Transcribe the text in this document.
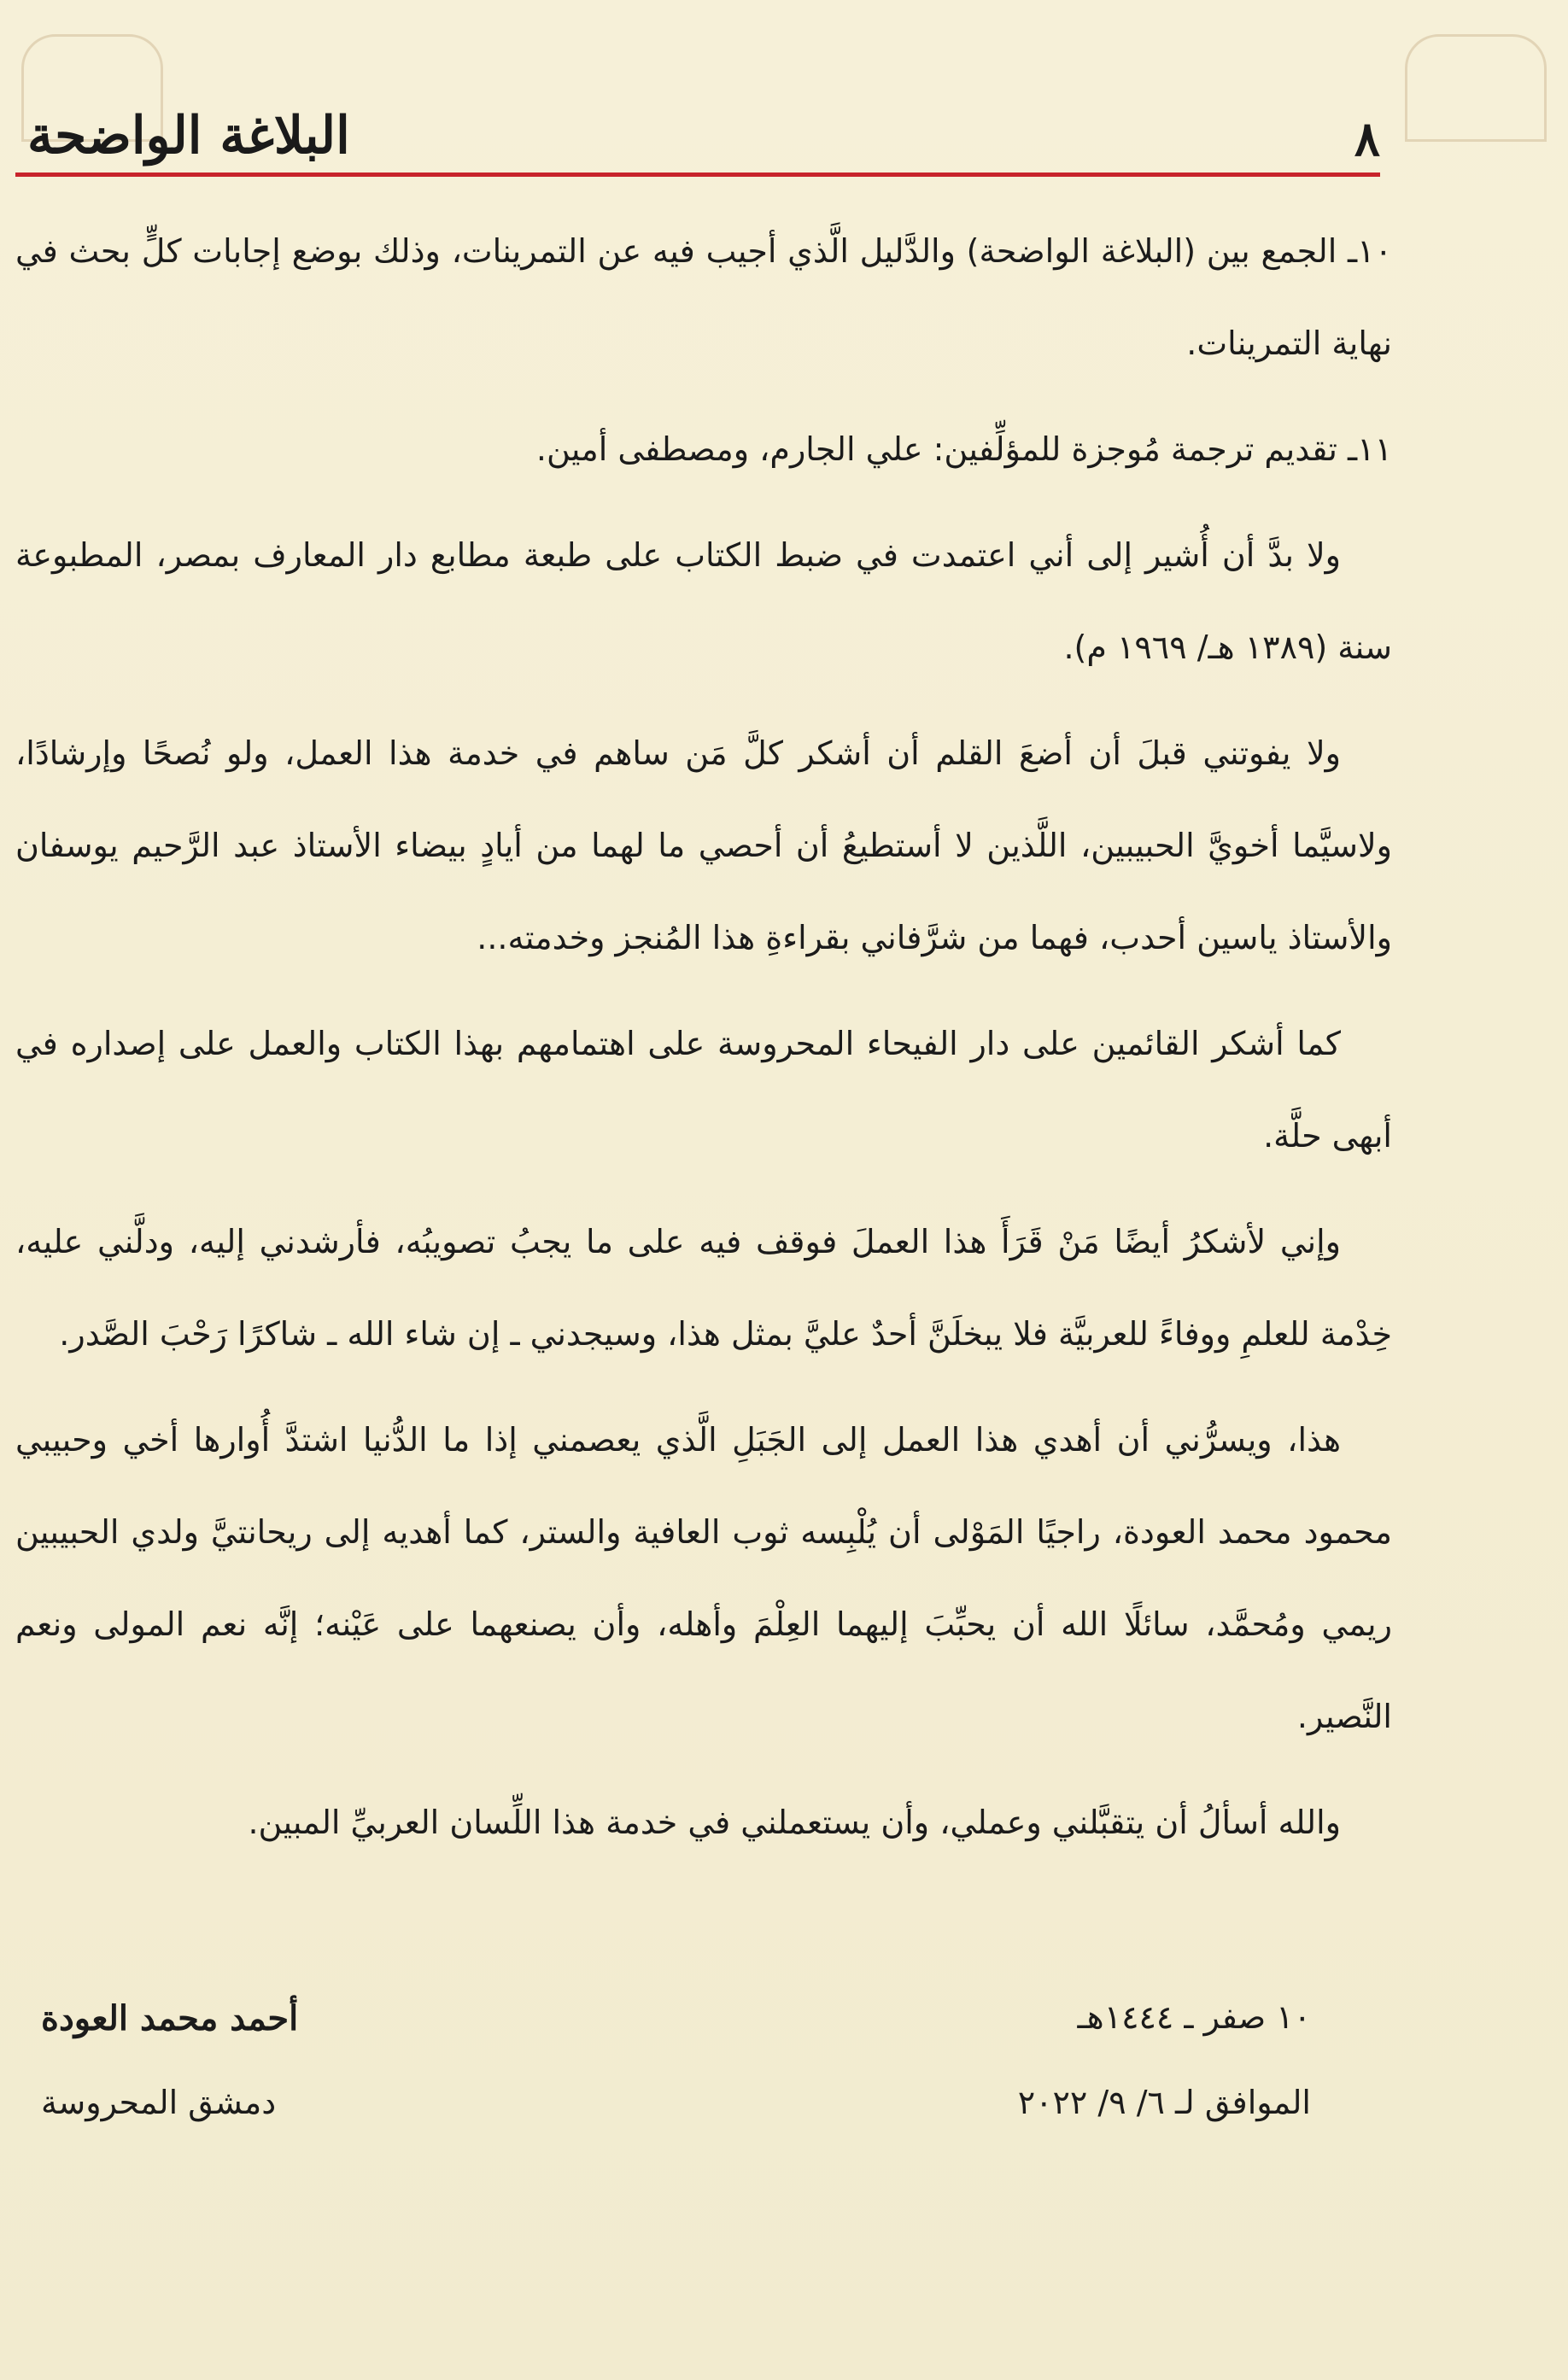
٨
البلاغة الواضحة

١٠ـ الجمع بين (البلاغة الواضحة) والدَّليل الَّذي أجيب فيه عن التمرينات، وذلك بوضع إجابات كلٍّ بحث في نهاية التمرينات.

١١ـ تقديم ترجمة مُوجزة للمؤلِّفين: علي الجارم، ومصطفى أمين.

ولا بدَّ أن أُشير إلى أني اعتمدت في ضبط الكتاب على طبعة مطابع دار المعارف بمصر، المطبوعة سنة (١٣٨٩ هـ/ ١٩٦٩ م).

ولا يفوتني قبلَ أن أضعَ القلم أن أشكر كلَّ مَن ساهم في خدمة هذا العمل، ولو نُصحًا وإرشادًا، ولاسيَّما أخويَّ الحبيبين، اللَّذين لا أستطيعُ أن أحصي ما لهما من أيادٍ بيضاء الأستاذ عبد الرَّحيم يوسفان والأستاذ ياسين أحدب، فهما من شرَّفاني بقراءةِ هذا المُنجز وخدمته...

كما أشكر القائمين على دار الفيحاء المحروسة على اهتمامهم بهذا الكتاب والعمل على إصداره في أبهى حلَّة.

وإني لأشكرُ أيضًا مَنْ قَرَأَ هذا العملَ فوقف فيه على ما يجبُ تصويبُه، فأرشدني إليه، ودلَّني عليه، خِدْمة للعلمِ ووفاءً للعربيَّة فلا يبخلَنَّ أحدٌ عليَّ بمثل هذا، وسيجدني ـ إن شاء الله ـ شاكرًا رَحْبَ الصَّدر.

هذا، ويسرُّني أن أهدي هذا العمل إلى الجَبَلِ الَّذي يعصمني إذا ما الدُّنيا اشتدَّ أُوارها أخي وحبيبي محمود محمد العودة، راجيًا المَوْلى أن يُلْبِسه ثوب العافية والستر، كما أهديه إلى ريحانتيَّ ولدي الحبيبين ريمي ومُحمَّد، سائلًا الله أن يحبِّبَ إليهما العِلْمَ وأهله، وأن يصنعهما على عَيْنه؛ إنَّه نعم المولى ونعم النَّصير.

والله أسألُ أن يتقبَّلني وعملي، وأن يستعملني في خدمة هذا اللِّسان العربيِّ المبين.

١٠ صفر ـ ١٤٤٤هـ
الموافق لـ ٦/ ٩/ ٢٠٢٢
أحمد محمد العودة
دمشق المحروسة
